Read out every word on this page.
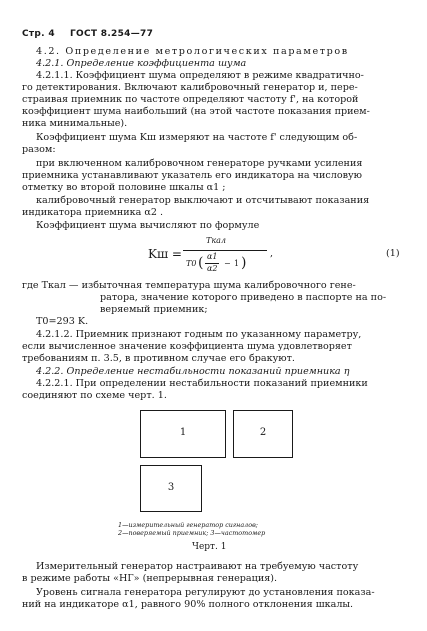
Стр. 4 ГОСТ 8.254—77
4.2. Определение метрологических параметров
4.2.1. Определение коэффициента шума
4.2.1.1. Коэффициент шума определяют в режиме квадратично-
го детектирования. Включают калибровочный генератор и, пере-
страивая приемник по частоте определяют частоту f', на которой
коэффициент шума наибольший (на этой частоте показания прием-
ника минимальные).
Коэффициент шума Kш измеряют на частоте f' следующим об-
разом:
при включенном калибровочном генераторе ручками усиления
приемника устанавливают указатель его индикатора на числовую
отметку во второй половине шкалы α1 ;
калибровочный генератор выключают и отсчитывают показания
индикатора приемника α2 .
Коэффициент шума вычисляют по формуле
Kш =
Tкал
T0 ( α1
α2
− 1 )
,	(1)
где Tкал — избыточная температура шума калибровочного гене-
ратора, значение которого приведено в паспорте на по-
веряемый приемник;
T0=293 K.
4.2.1.2. Приемник признают годным по указанному параметру,
если вычисленное значение коэффициента шума удовлетворяет
требованиям п. 3.5, в противном случае его бракуют.
4.2.2. Определение нестабильности показаний приемника η
4.2.2.1. При определении нестабильности показаний приемники
соединяют по схеме черт. 1.
1	2
3
1—измерительный генератор сигналов;
2—поверяемый приемник; 3—частотомер
Черт. 1
Измерительный генератор настраивают на требуемую частоту
в режиме работы «НГ» (непрерывная генерация).
Уровень сигнала генератора регулируют до установления показа-
ний на индикаторе α1, равного 90% полного отклонения шкалы.
